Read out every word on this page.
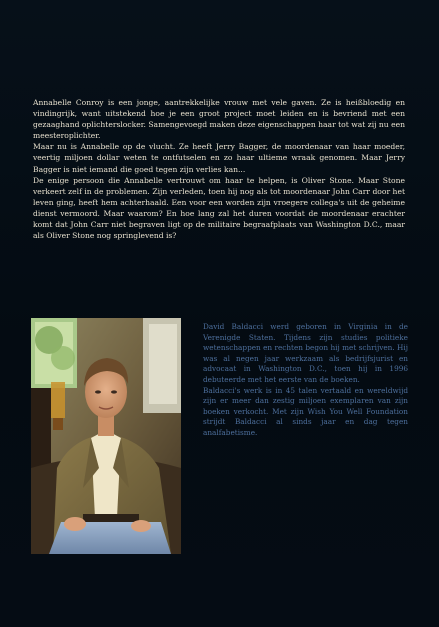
Annabelle Conroy is een jonge, aantrekkelijke vrouw met vele gaven. Ze is heißbloedig en vindingrijk, want uitstekend hoe je een groot project moet leiden en is bevriend met een gezaaghand oplichterslocker. Samengevoegd maken deze eigenschappen haar tot wat zij nu een meesteroplichter.

Maar nu is Annabelle op de vlucht. Ze heeft Jerry Bagger, de moordenaar van haar moeder, veertig miljoen dollar weten te ontfutselen en zo haar ultieme wraak genomen. Maar Jerry Bagger is niet iemand die goed tegen zijn verlies kan...

De enige persoon die Annabelle vertrouwt om haar te helpen, is Oliver Stone. Maar Stone verkeert zelf in de problemen. Zijn verleden, toen hij nog als tot moordenaar John Carr door het leven ging, heeft hem achterhaald. Een voor een worden zijn vroegere collega's uit de geheime dienst vermoord. Maar waarom? En hoe lang zal het duren voordat de moordenaar erachter komt dat John Carr niet begraven ligt op de militaire begraafplaats van Washington D.C., maar als Oliver Stone nog springlevend is?

David Baldacci werd geboren in Virginia in de Verenigde Staten. Tijdens zijn studies politieke wetenschappen en rechten begon hij met schrijven. Hij was al negen jaar werkzaam als bedrijfsjurist en advocaat in Washington D.C., toen hij in 1996 debuteerde met het eerste van de boeken.

Baldacci's werk is in 45 talen vertaald en wereldwijd zijn er meer dan zestig miljoen exemplaren van zijn boeken verkocht. Met zijn Wish You Well Foundation strijdt Baldacci al sinds jaar en dag tegen analfabetisme.
